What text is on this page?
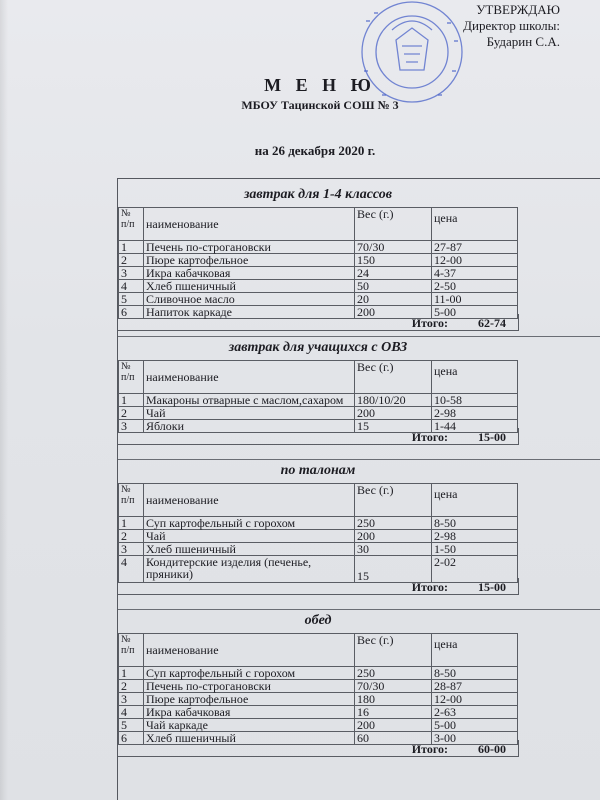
УТВЕРЖДАЮ
Директор школы:
Бударин С.А.
М Е Н Ю
МБОУ Тацинской СОШ № 3
на 26 декабря 2020 г.
завтрак для 1-4 классов
№ п/п	наименование	Вес (г.)	цена
1	Печень по-строгановски	70/30	27-87
2	Пюре картофельное	150	12-00
3	Икра кабачковая	24	4-37
4	Хлеб пшеничный	50	2-50
5	Сливочное масло	20	11-00
6	Напиток каркаде	200	5-00
Итого:	62-74
завтрак для учащихся с ОВЗ
№ п/п	наименование	Вес (г.)	цена
1	Макароны отварные с маслом,сахаром	180/10/20	10-58
2	Чай	200	2-98
3	Яблоки	15	1-44
Итого:	15-00
по талонам
№ п/п	наименование	Вес (г.)	цена
1	Суп картофельный с горохом	250	8-50
2	Чай	200	2-98
3	Хлеб пшеничный	30	1-50
4	Кондитерские изделия (печенье, пряники)	15	2-02
Итого:	15-00
обед
№ п/п	наименование	Вес (г.)	цена
1	Суп картофельный с горохом	250	8-50
2	Печень по-строгановски	70/30	28-87
3	Пюре картофельное	180	12-00
4	Икра кабачковая	16	2-63
5	Чай каркаде	200	5-00
6	Хлеб пшеничный	60	3-00
Итого:	60-00
